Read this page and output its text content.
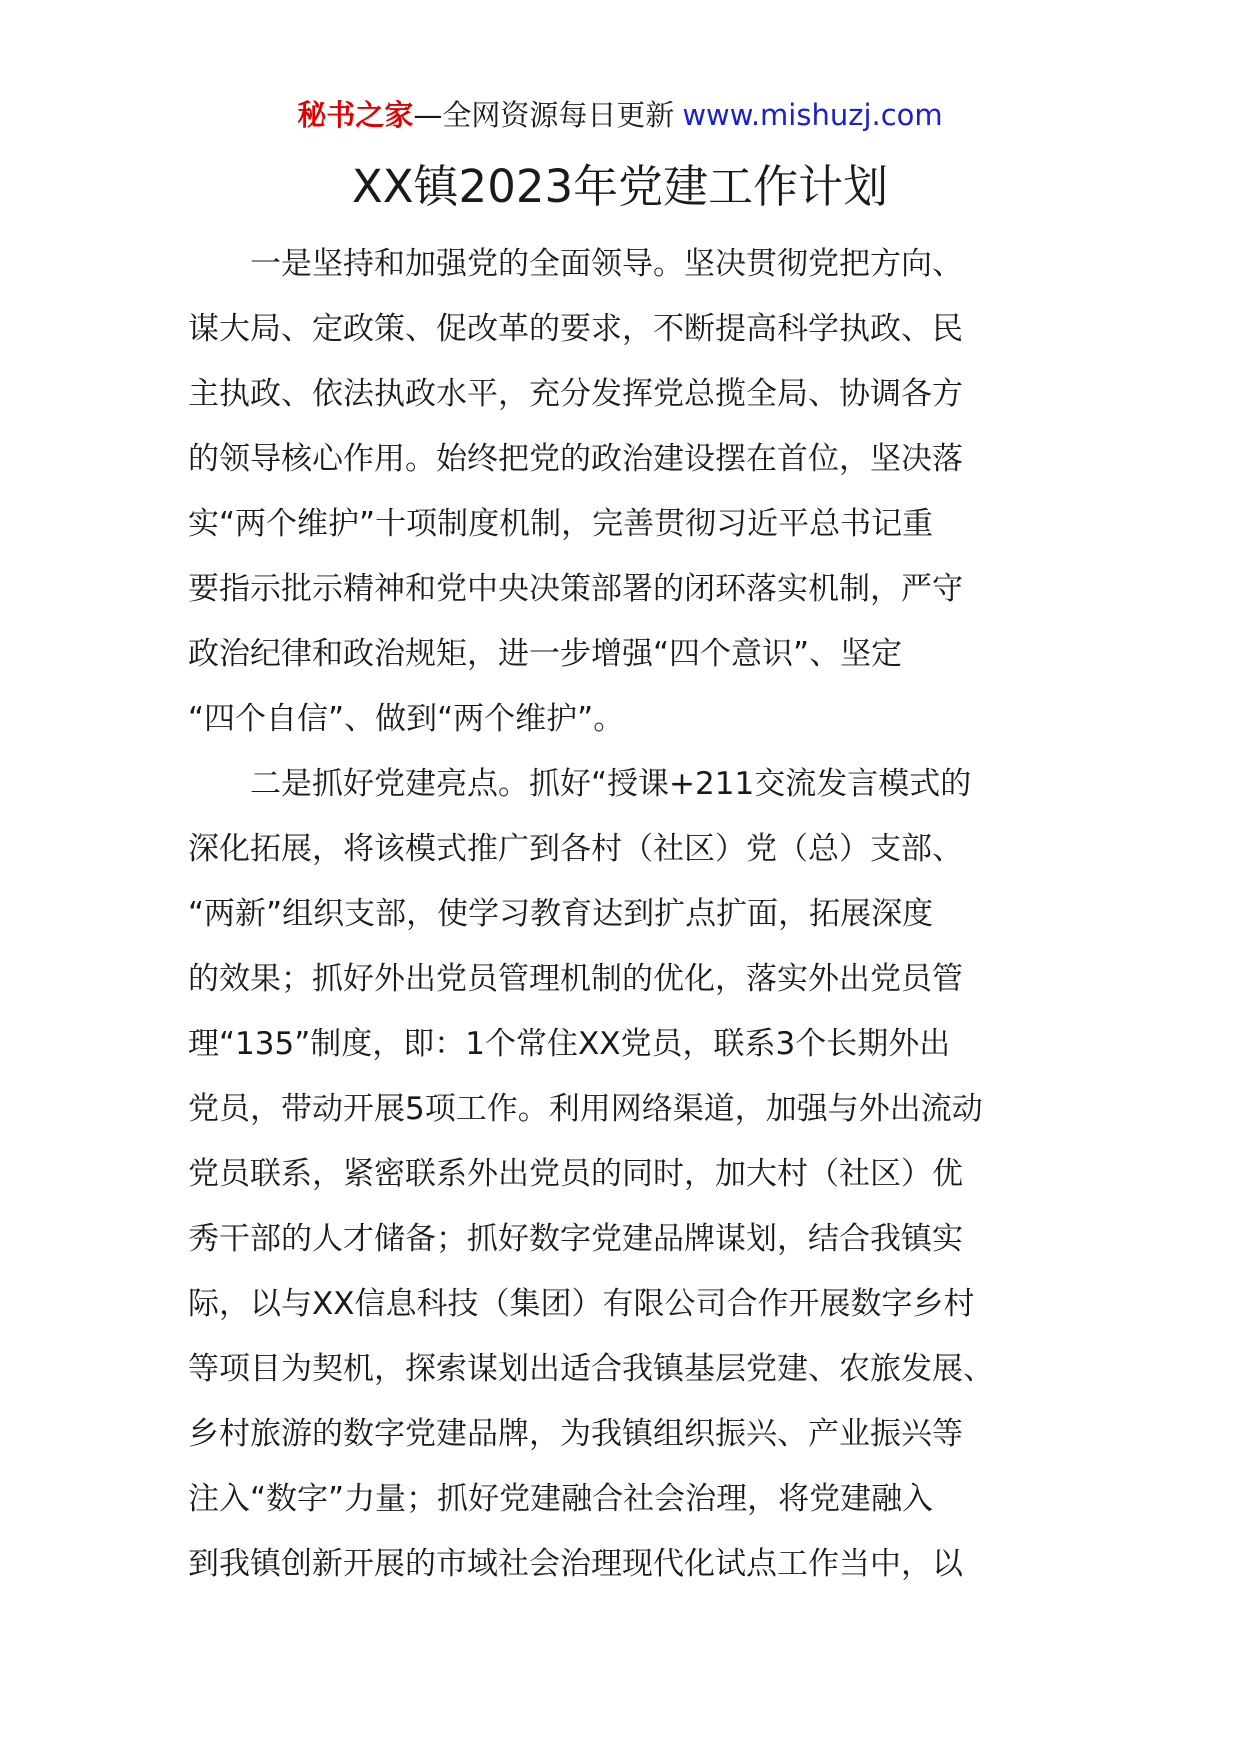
秘书之家—全网资源每日更新 www.mishuzj.com
XX镇2023年党建工作计划
　　一是坚持和加强党的全面领导。坚决贯彻党把方向、
谋大局、定政策、促改革的要求，不断提高科学执政、民
主执政、依法执政水平，充分发挥党总揽全局、协调各方
的领导核心作用。始终把党的政治建设摆在首位，坚决落
实“两个维护”十项制度机制，完善贯彻习近平总书记重
要指示批示精神和党中央决策部署的闭环落实机制，严守
政治纪律和政治规矩，进一步增强“四个意识”、坚定
“四个自信”、做到“两个维护”。
　　二是抓好党建亮点。抓好“授课+211交流发言模式的
深化拓展，将该模式推广到各村（社区）党（总）支部、
“两新”组织支部，使学习教育达到扩点扩面，拓展深度
的效果；抓好外出党员管理机制的优化，落实外出党员管
理“135”制度，即：1个常住XX党员，联系3个长期外出
党员，带动开展5项工作。利用网络渠道，加强与外出流动
党员联系，紧密联系外出党员的同时，加大村（社区）优
秀干部的人才储备；抓好数字党建品牌谋划，结合我镇实
际，以与XX信息科技（集团）有限公司合作开展数字乡村
等项目为契机，探索谋划出适合我镇基层党建、农旅发展、
乡村旅游的数字党建品牌，为我镇组织振兴、产业振兴等
注入“数字”力量；抓好党建融合社会治理，将党建融入
到我镇创新开展的市域社会治理现代化试点工作当中，以
